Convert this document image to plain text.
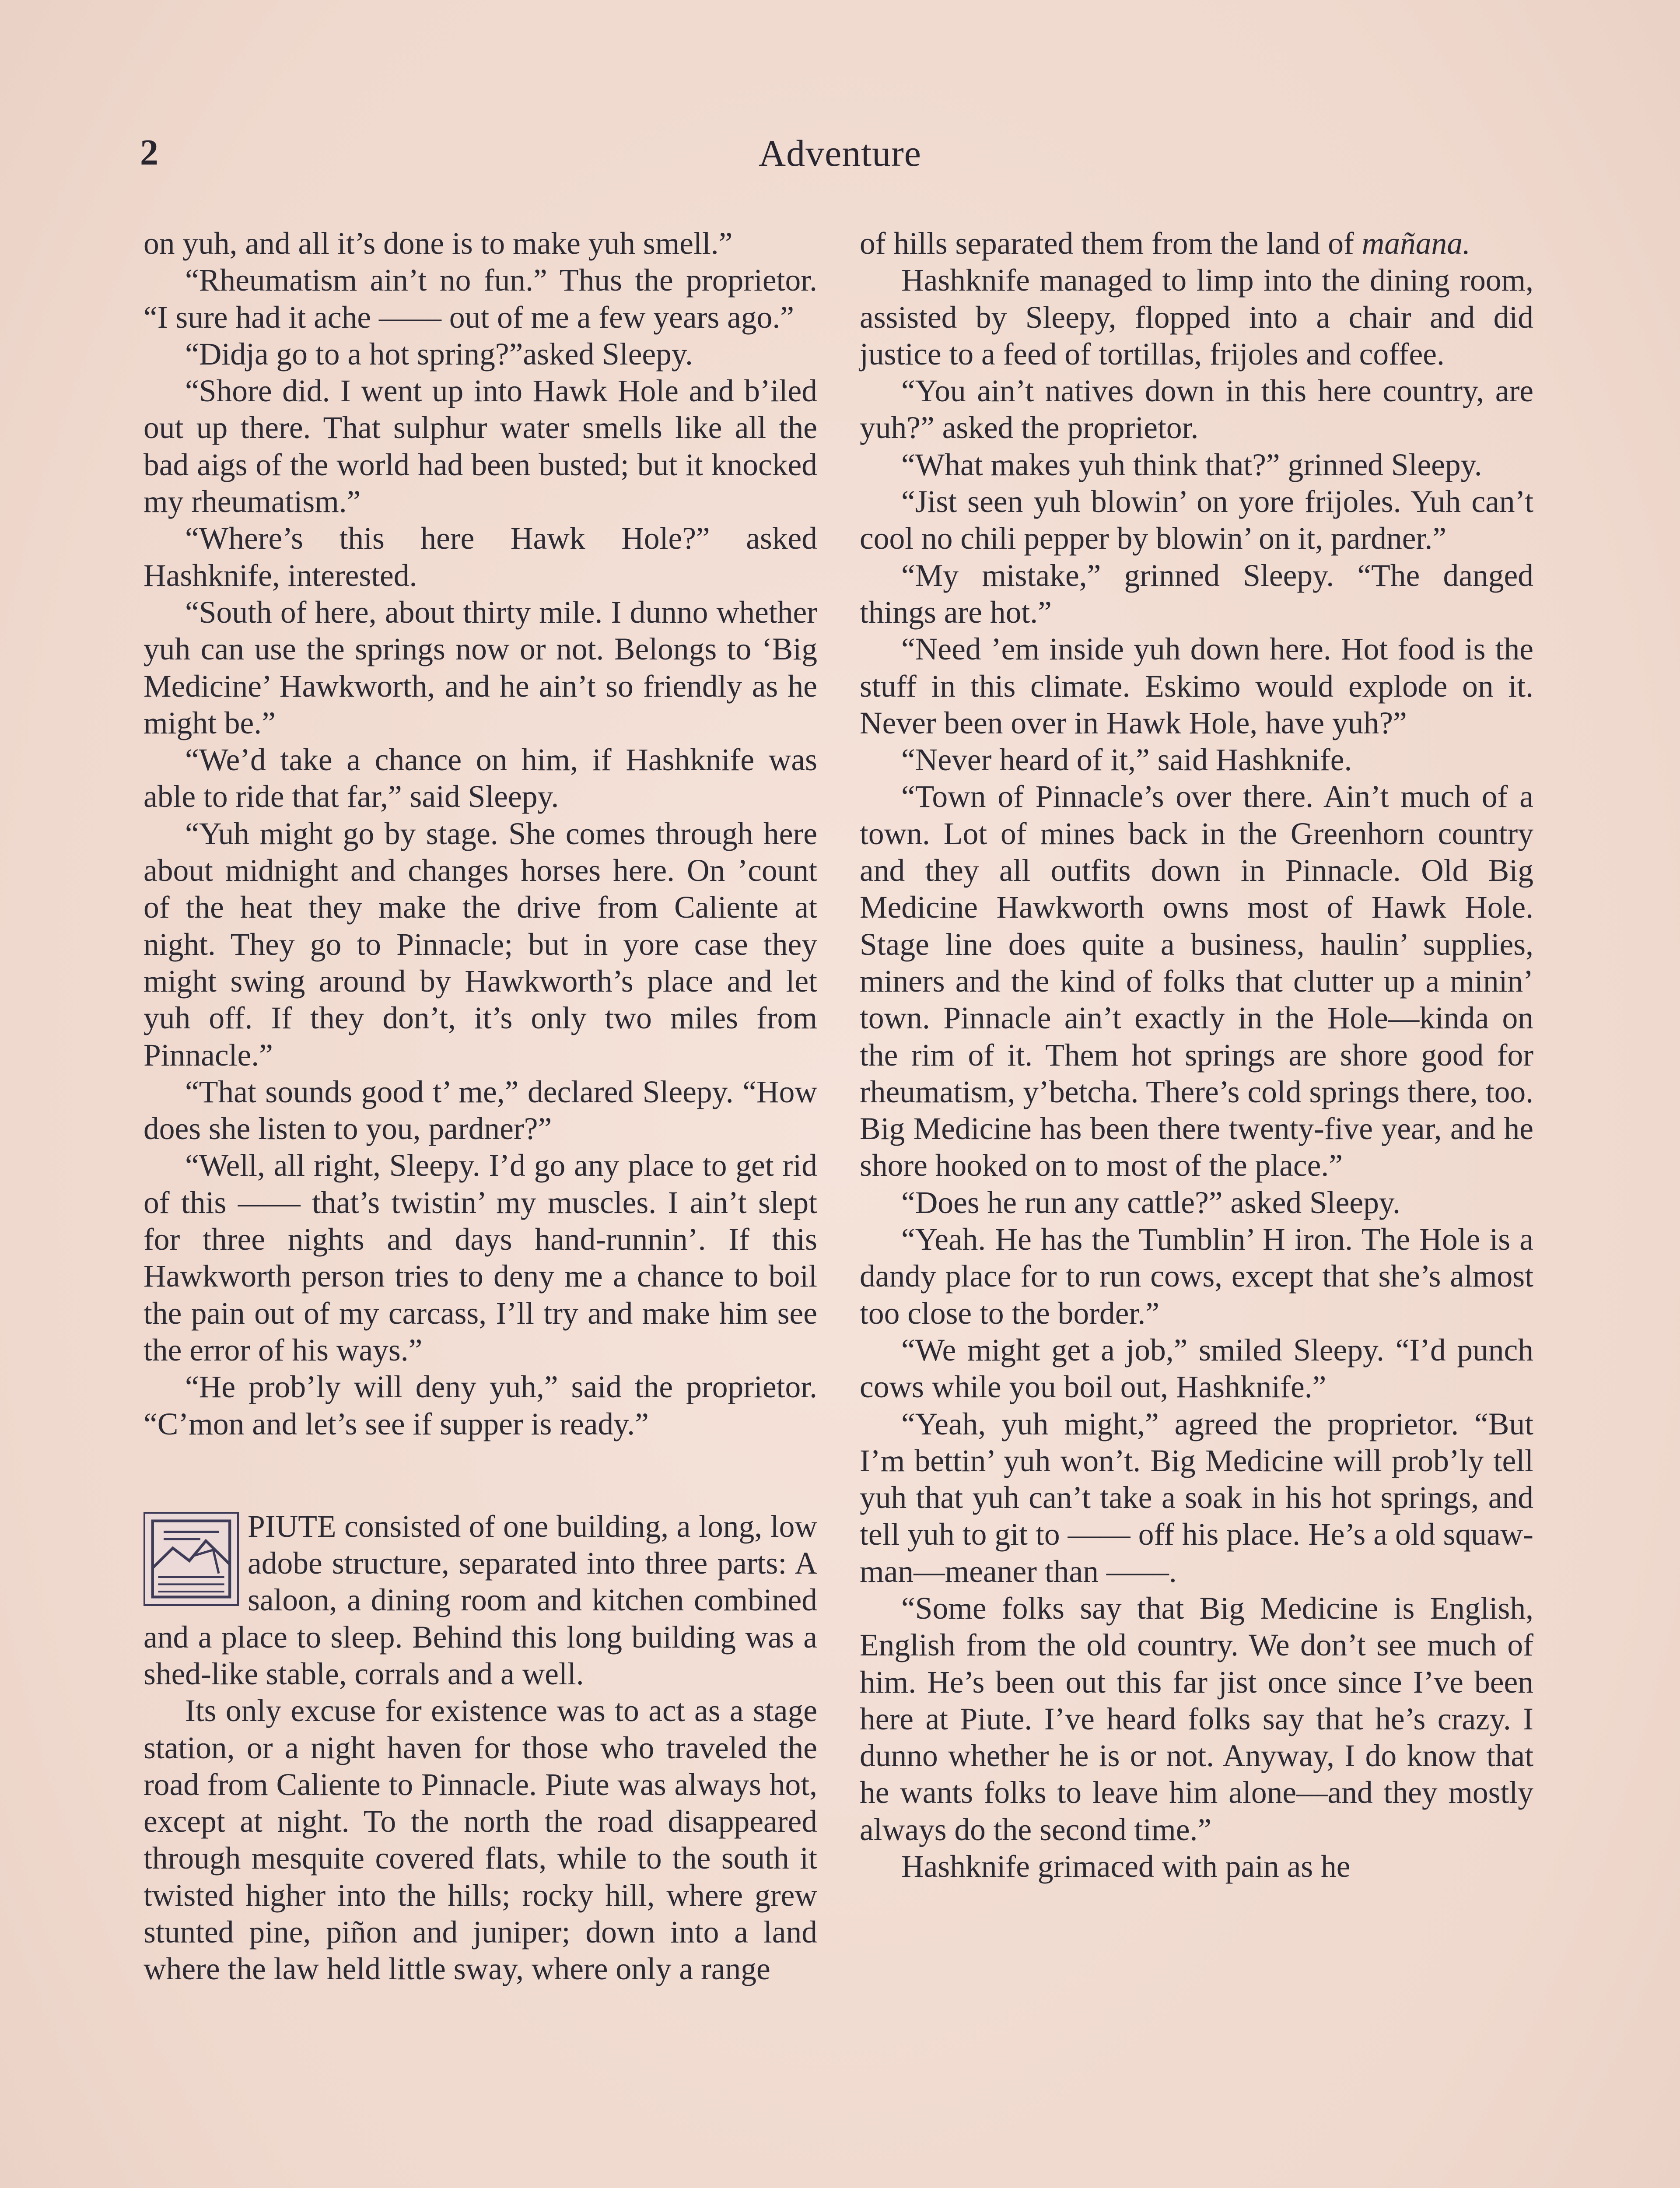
2	Adventure

on yuh, and all it’s done is to make yuh smell.”

“Rheumatism ain’t no fun.” Thus the proprietor. “I sure had it ache —— out of me a few years ago.”

“Didja go to a hot spring?”asked Sleepy.

“Shore did. I went up into Hawk Hole and b’iled out up there. That sulphur water smells like all the bad aigs of the world had been busted; but it knocked my rheumatism.”

“Where’s this here Hawk Hole?” asked Hashknife, interested.

“South of here, about thirty mile. I dunno whether yuh can use the springs now or not. Belongs to ‘Big Medicine’ Hawkworth, and he ain’t so friendly as he might be.”

“We’d take a chance on him, if Hashknife was able to ride that far,” said Sleepy.

“Yuh might go by stage. She comes through here about midnight and changes horses here. On ’count of the heat they make the drive from Caliente at night. They go to Pinnacle; but in yore case they might swing around by Hawkworth’s place and let yuh off. If they don’t, it’s only two miles from Pinnacle.”

“That sounds good t’ me,” declared Sleepy. “How does she listen to you, pardner?”

“Well, all right, Sleepy. I’d go any place to get rid of this —— that’s twistin’ my muscles. I ain’t slept for three nights and days hand-runnin’. If this Hawkworth person tries to deny me a chance to boil the pain out of my carcass, I’ll try and make him see the error of his ways.”

“He prob’ly will deny yuh,” said the proprietor. “C’mon and let’s see if supper is ready.”

PIUTE consisted of one building, a long, low adobe structure, separated into three parts: A saloon, a dining room and kitchen combined and a place to sleep. Behind this long building was a shed-like stable, corrals and a well.

Its only excuse for existence was to act as a stage station, or a night haven for those who traveled the road from Caliente to Pinnacle. Piute was always hot, except at night. To the north the road disappeared through mesquite covered flats, while to the south it twisted higher into the hills; rocky hill, where grew stunted pine, piñon and juniper; down into a land where the law held little sway, where only a range

of hills separated them from the land of mañana.

Hashknife managed to limp into the dining room, assisted by Sleepy, flopped into a chair and did justice to a feed of tortillas, frijoles and coffee.

“You ain’t natives down in this here country, are yuh?” asked the proprietor.

“What makes yuh think that?” grinned Sleepy.

“Jist seen yuh blowin’ on yore frijoles. Yuh can’t cool no chili pepper by blowin’ on it, pardner.”

“My mistake,” grinned Sleepy. “The danged things are hot.”

“Need ’em inside yuh down here. Hot food is the stuff in this climate. Eskimo would explode on it. Never been over in Hawk Hole, have yuh?”

“Never heard of it,” said Hashknife.

“Town of Pinnacle’s over there. Ain’t much of a town. Lot of mines back in the Greenhorn country and they all outfits down in Pinnacle. Old Big Medicine Hawkworth owns most of Hawk Hole. Stage line does quite a business, haulin’ supplies, miners and the kind of folks that clutter up a minin’ town. Pinnacle ain’t exactly in the Hole—kinda on the rim of it. Them hot springs are shore good for rheumatism, y’betcha. There’s cold springs there, too. Big Medicine has been there twenty-five year, and he shore hooked on to most of the place.”

“Does he run any cattle?” asked Sleepy.

“Yeah. He has the Tumblin’ H iron. The Hole is a dandy place for to run cows, except that she’s almost too close to the border.”

“We might get a job,” smiled Sleepy. “I’d punch cows while you boil out, Hashknife.”

“Yeah, yuh might,” agreed the proprietor. “But I’m bettin’ yuh won’t. Big Medicine will prob’ly tell yuh that yuh can’t take a soak in his hot springs, and tell yuh to git to —— off his place. He’s a old squaw-man—meaner than ——.

“Some folks say that Big Medicine is English, English from the old country. We don’t see much of him. He’s been out this far jist once since I’ve been here at Piute. I’ve heard folks say that he’s crazy. I dunno whether he is or not. Anyway, I do know that he wants folks to leave him alone—and they mostly always do the second time.”

Hashknife grimaced with pain as he
